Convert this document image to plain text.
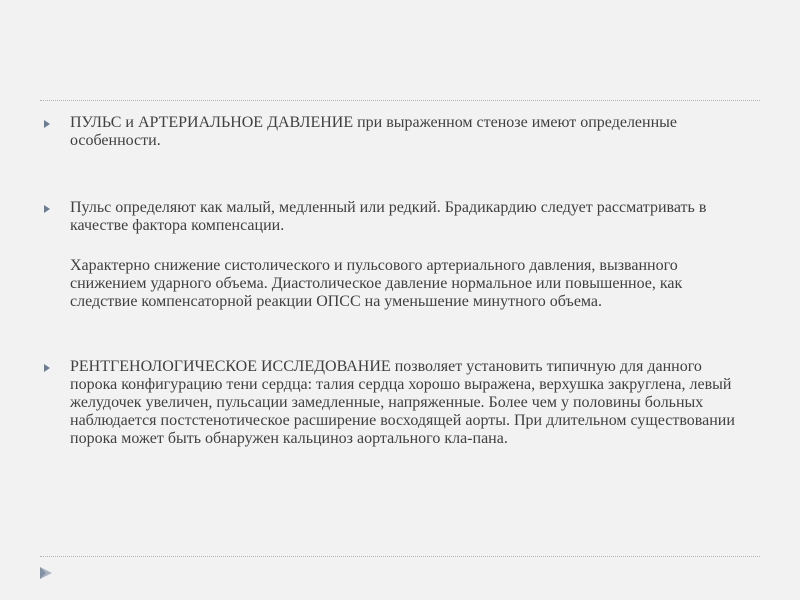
ПУЛЬС и АРТЕРИАЛЬНОЕ ДАВЛЕНИЕ при выраженном стенозе имеют определенные особенности.

Пульс определяют как малый, медленный или редкий. Брадикардию следует рассматривать в качестве фактора компенсации.

Характерно снижение систолического и пульсового артериального давления, вызванного снижением ударного объема. Диастолическое давление нормальное или повышенное, как следствие компенсаторной реакции ОПСС на уменьшение минутного объема.

РЕНТГЕНОЛОГИЧЕСКОЕ ИССЛЕДОВАНИЕ позволяет установить типичную для данного порока конфигурацию тени сердца: талия сердца хорошо выражена, верхушка закруглена, левый желудочек увеличен, пульсации замедленные, напряженные. Более чем у половины больных наблюдается постстенотическое расширение восходящей аорты. При длительном существовании порока может быть обнаружен кальциноз аортального кла-пана.
